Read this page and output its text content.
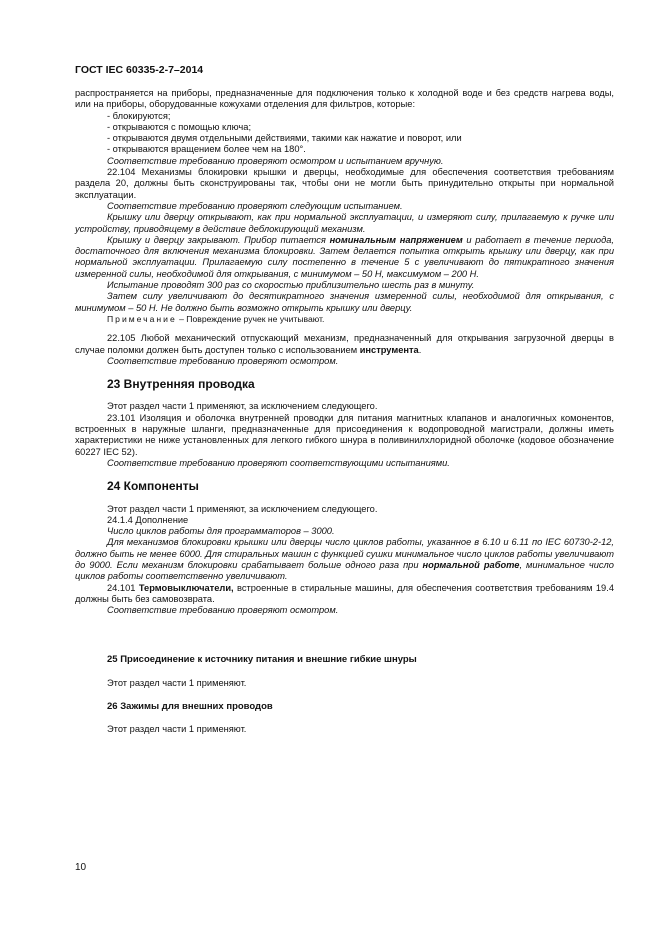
ГОСТ IEC 60335-2-7–2014

распространяется на приборы, предназначенные для подключения только к холодной воде и без средств нагрева воды, или на приборы, оборудованные кожухами отделения для фильтров, которые:

- блокируются;

- открываются с помощью ключа;

- открываются двумя отдельными действиями, такими как нажатие и поворот, или

- открываются вращением более чем на 180°.

Соответствие требованию проверяют осмотром и испытанием вручную.

22.104 Механизмы блокировки крышки и дверцы, необходимые для обеспечения соответствия требованиям раздела 20, должны быть сконструированы так, чтобы они не могли быть принудительно открыты при нормальной эксплуатации.

Соответствие требованию проверяют следующим испытанием.

Крышку или дверцу открывают, как при нормальной эксплуатации, и измеряют силу, прилагаемую к ручке или устройству, приводящему в действие деблокирующий механизм.

Крышку и дверцу закрывают. Прибор питается номинальным напряжением и работает в течение периода, достаточного для включения механизма блокировки. Затем делается попытка открыть крышку или дверцу, как при нормальной эксплуатации. Прилагаемую силу постепенно в течение 5 с увеличивают до пятикратного значения измеренной силы, необходимой для открывания, с минимумом – 50 Н, максимумом – 200 Н.

Испытание проводят 300 раз со скоростью приблизительно шесть раз в минуту.

Затем силу увеличивают до десятикратного значения измеренной силы, необходимой для открывания, с минимумом – 50 Н. Не должно быть возможно открыть крышку или дверцу.

Примечание – Повреждение ручек не учитывают.

22.105 Любой механический отпускающий механизм, предназначенный для открывания загрузочной дверцы в случае поломки должен быть доступен только с использованием инструмента.

Соответствие требованию проверяют осмотром.

23 Внутренняя проводка

Этот раздел части 1 применяют, за исключением следующего.

23.101 Изоляция и оболочка внутренней проводки для питания магнитных клапанов и аналогичных комонентов, встроенных в наружные шланги, предназначенные для присоединения к водопроводной магистрали, должны иметь характеристики не ниже установленных для легкого гибкого шнура в поливинилхлоридной оболочке (кодовое обозначение 60227 IEC 52).

Соответствие требованию проверяют соответствующими испытаниями.

24 Компоненты

Этот раздел части 1 применяют, за исключением следующего.

24.1.4 Дополнение

Число циклов работы для программаторов – 3000.

Для механизмов блокировки крышки или дверцы число циклов работы, указанное в 6.10 и 6.11 по IEC 60730-2-12, должно быть не менее 6000. Для стиральных машин с функцией сушки минимальное число циклов работы увеличивают до 9000. Если механизм блокировки срабатывает больше одного раза при нормальной работе, минимальное число циклов работы соответственно увеличивают.

24.101 Термовыключатели, встроенные в стиральные машины, для обеспечения соответствия требованиям 19.4 должны быть без самовозврата.

Соответствие требованию проверяют осмотром.

25 Присоединение к источнику питания и внешние гибкие шнуры

Этот раздел части 1 применяют.

26 Зажимы для внешних проводов

Этот раздел части 1 применяют.

10
